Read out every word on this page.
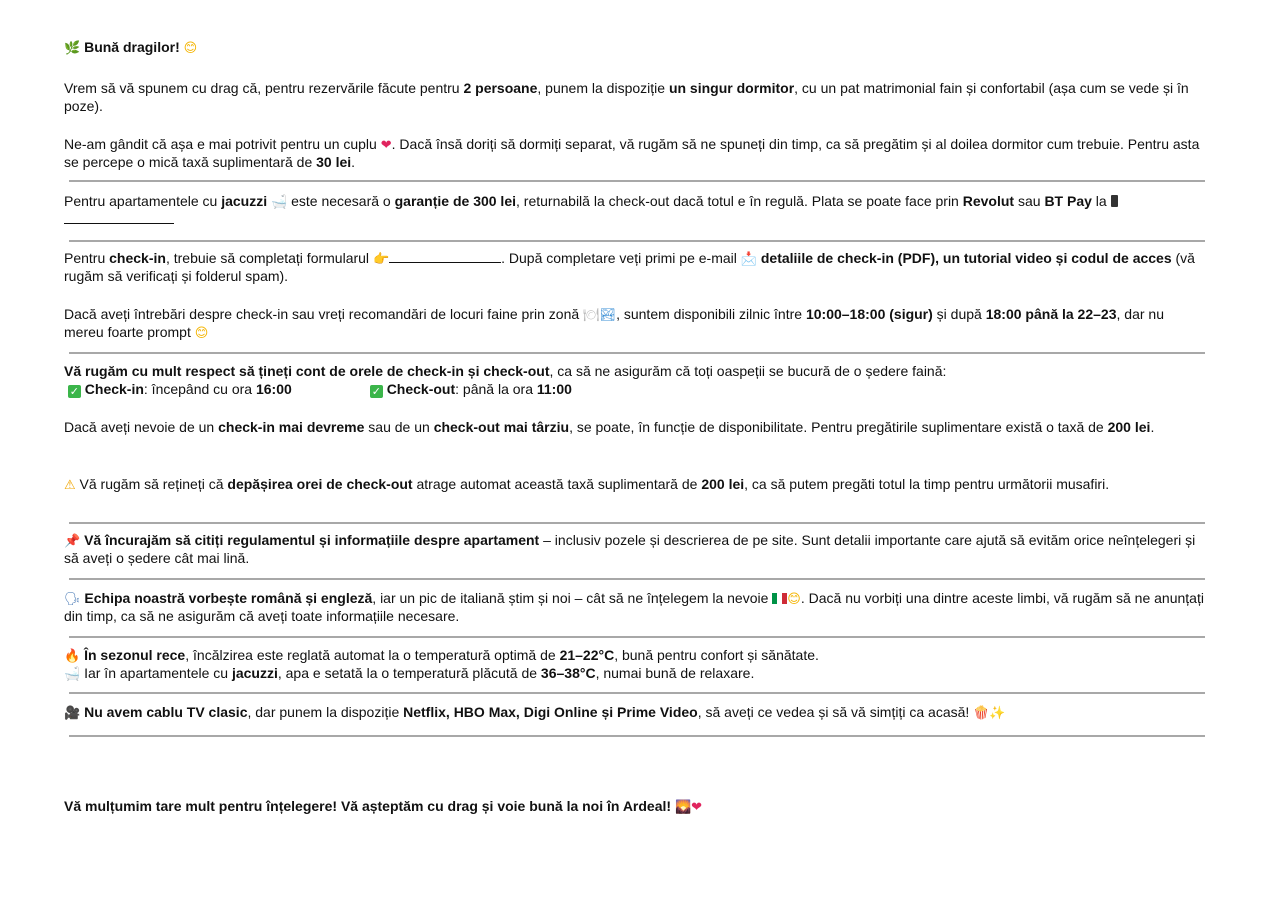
🌿 Bună dragilor! 😊

Vrem să vă spunem cu drag că, pentru rezervările făcute pentru 2 persoane, punem la dispoziție un singur dormitor, cu un pat matrimonial fain și confortabil (așa cum se vede și în poze).

Ne-am gândit că așa e mai potrivit pentru un cuplu ❤. Dacă însă doriți să dormiți separat, vă rugăm să ne spuneți din timp, ca să pregătim și al doilea dormitor cum trebuie. Pentru asta se percepe o mică taxă suplimentară de 30 lei.

Pentru apartamentele cu jacuzzi 🛁 este necesară o garanție de 300 lei, returnabilă la check-out dacă totul e în regulă. Plata se poate face prin Revolut sau BT Pay la

Pentru check-in, trebuie să completați formularul 👉	. După completare veți primi pe e-mail 📩 detaliile de check-in (PDF), un tutorial video și codul de acces (vă rugăm să verificați și folderul spam).

Dacă aveți întrebări despre check-in sau vreți recomandări de locuri faine prin zonă 🍽🏞, suntem disponibili zilnic între 10:00–18:00 (sigur) și după 18:00 până la 22–23, dar nu mereu foarte prompt 😊

Vă rugăm cu mult respect să țineți cont de orele de check-in și check-out, ca să ne asigurăm că toți oaspeții se bucură de o ședere faină:

✓ Check-in: începând cu ora 16:00	✓ Check-out: până la ora 11:00

Dacă aveți nevoie de un check-in mai devreme sau de un check-out mai târziu, se poate, în funcție de disponibilitate. Pentru pregătirile suplimentare există o taxă de 200 lei.

⚠ Vă rugăm să rețineți că depășirea orei de check-out atrage automat această taxă suplimentară de 200 lei, ca să putem pregăti totul la timp pentru următorii musafiri.

📌 Vă încurajăm să citiți regulamentul și informațiile despre apartament – inclusiv pozele și descrierea de pe site. Sunt detalii importante care ajută să evităm orice neînțelegeri și să aveți o ședere cât mai lină.

🗣 Echipa noastră vorbește română și engleză, iar un pic de italiană știm și noi – cât să ne înțelegem la nevoie 😊. Dacă nu vorbiți una dintre aceste limbi, vă rugăm să ne anunțați din timp, ca să ne asigurăm că aveți toate informațiile necesare.

🔥 În sezonul rece, încălzirea este reglată automat la o temperatură optimă de 21–22°C, bună pentru confort și sănătate.

🛁 Iar în apartamentele cu jacuzzi, apa e setată la o temperatură plăcută de 36–38°C, numai bună de relaxare.

🎥 Nu avem cablu TV clasic, dar punem la dispoziție Netflix, HBO Max, Digi Online și Prime Video, să aveți ce vedea și să vă simțiți ca acasă! 🍿✨

Vă mulțumim tare mult pentru înțelegere! Vă așteptăm cu drag și voie bună la noi în Ardeal! 🌄❤
